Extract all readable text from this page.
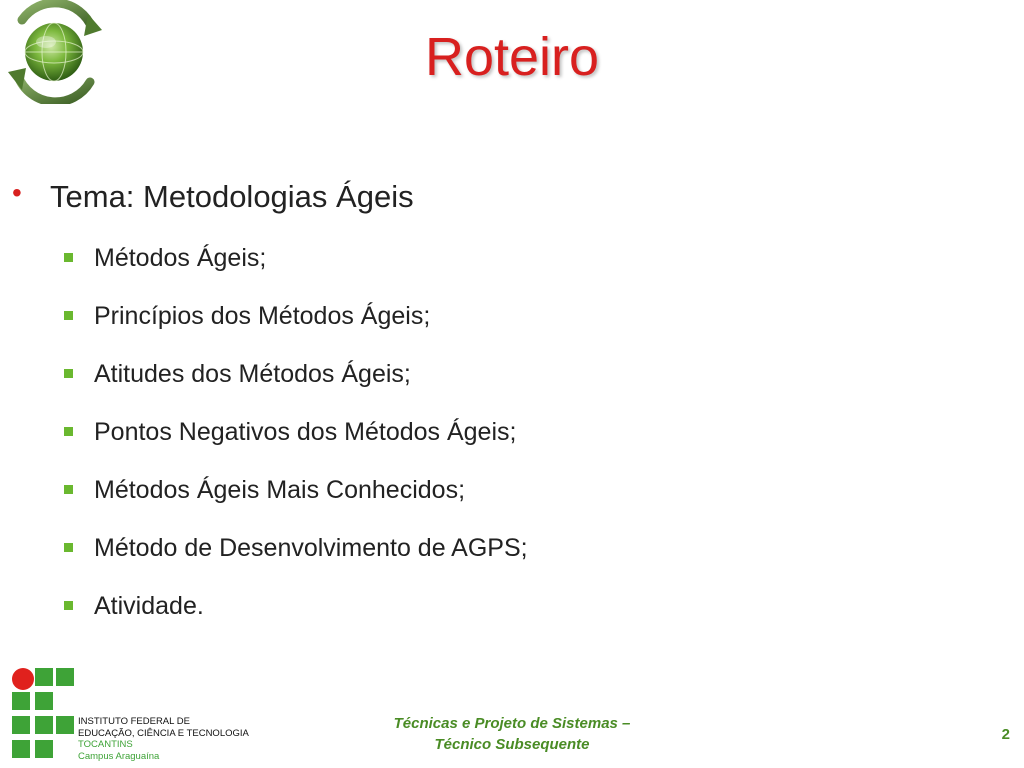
Roteiro
• Tema: Metodologias Ágeis
Métodos Ágeis;
Princípios dos Métodos Ágeis;
Atitudes dos Métodos Ágeis;
Pontos Negativos dos Métodos Ágeis;
Métodos Ágeis Mais Conhecidos;
Método de Desenvolvimento de AGPS;
Atividade.
INSTITUTO FEDERAL DE
EDUCAÇÃO, CIÊNCIA E TECNOLOGIA
TOCANTINS
Campus Araguaína
Técnicas e Projeto de Sistemas –
Técnico Subsequente
2
